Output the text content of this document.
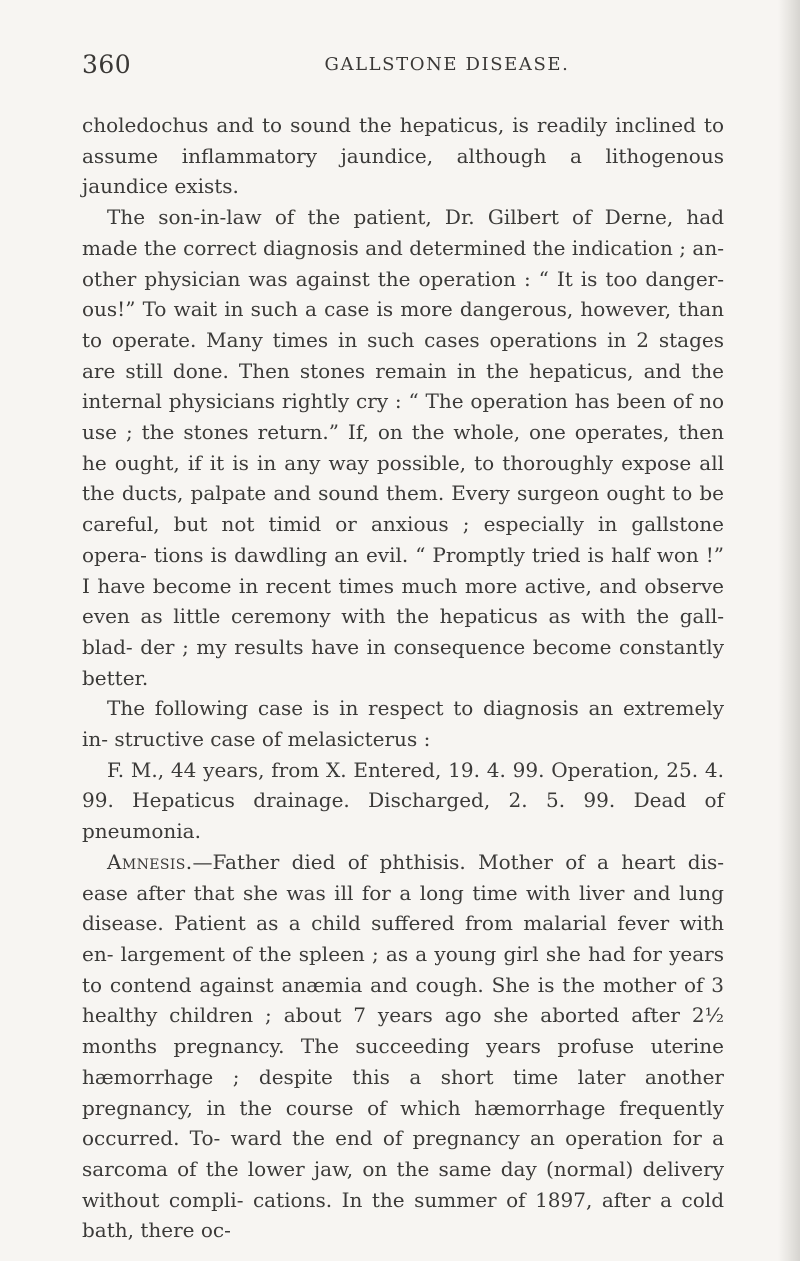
360	GALLSTONE DISEASE.

choledochus and to sound the hepaticus, is readily inclined to assume inflammatory jaundice, although a lithogenous jaundice exists.

The son-in-law of the patient, Dr. Gilbert of Derne, had made the correct diagnosis and determined the indication ; an- other physician was against the operation : “ It is too danger- ous!” To wait in such a case is more dangerous, however, than to operate. Many times in such cases operations in 2 stages are still done. Then stones remain in the hepaticus, and the internal physicians rightly cry : “ The operation has been of no use ; the stones return.” If, on the whole, one operates, then he ought, if it is in any way possible, to thoroughly expose all the ducts, palpate and sound them. Every surgeon ought to be careful, but not timid or anxious ; especially in gallstone opera- tions is dawdling an evil. “ Promptly tried is half won !” I have become in recent times much more active, and observe even as little ceremony with the hepaticus as with the gall-blad- der ; my results have in consequence become constantly better.

The following case is in respect to diagnosis an extremely in- structive case of melasicterus :

F. M., 44 years, from X. Entered, 19. 4. 99. Operation, 25. 4. 99. Hepaticus drainage. Discharged, 2. 5. 99. Dead of pneumonia.

Amnesis.—Father died of phthisis. Mother of a heart dis- ease after that she was ill for a long time with liver and lung disease. Patient as a child suffered from malarial fever with en- largement of the spleen ; as a young girl she had for years to contend against anæmia and cough. She is the mother of 3 healthy children ; about 7 years ago she aborted after 2½ months pregnancy. The succeeding years profuse uterine hæmorrhage ; despite this a short time later another pregnancy, in the course of which hæmorrhage frequently occurred. To- ward the end of pregnancy an operation for a sarcoma of the lower jaw, on the same day (normal) delivery without compli- cations. In the summer of 1897, after a cold bath, there oc-
